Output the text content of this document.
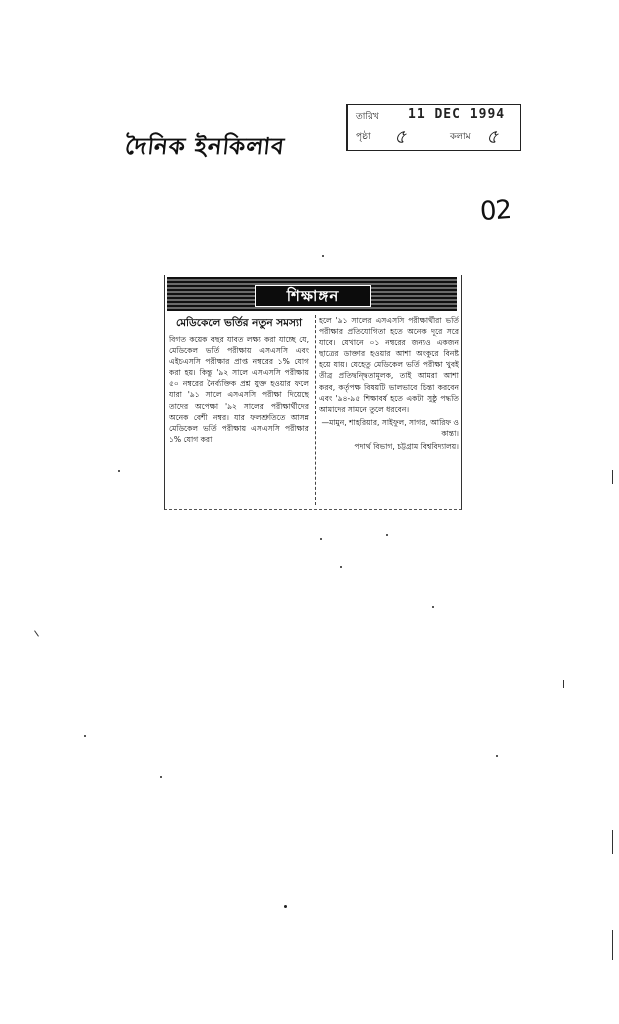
দৈনিক ইনকিলাব
তারিখ 11 DEC 1994
পৃষ্ঠা ৫	কলাম ৫
02
শিক্ষাঙ্গন
মেডিকেলে ভর্তির নতুন সমস্যা
বিগত কয়েক বছর যাবত লক্ষ্য করা যাচ্ছে যে, মেডিকেল ভর্তি পরীক্ষায় এসএসসি এবং এইচএসসি পরীক্ষার প্রাপ্ত নম্বরের ১% যোগ করা হয়। কিন্তু '৯২ সালে এসএসসি পরীক্ষায় ৫০ নম্বরের নৈর্ব্যক্তিক প্রশ্ন যুক্ত হওয়ার ফলে যারা '৯১ সালে এসএসসি পরীক্ষা দিয়েছে তাদের অপেক্ষা '৯২ সালের পরীক্ষার্থীদের অনেক বেশী নম্বর। যার ফলশ্রুতিতে আসন্ন মেডিকেল ভর্তি পরীক্ষায় এসএসসি পরীক্ষার ১% যোগ করা
হলে '৯১ সালের এসএসসি পরীক্ষার্থীরা ভর্তি পরীক্ষার প্রতিযোগিতা হতে অনেক দূরে সরে যাবে। যেখানে ০১ নম্বরের জন্যও একজন ছাত্রের ডাক্তার হওয়ার আশা অংকুরে বিনষ্ট হয়ে যায়। যেহেতু মেডিকেল ভর্তি পরীক্ষা খুবই তীব্র প্রতিদ্বন্দ্বিতামূলক, তাই আমরা আশা করব, কর্তৃপক্ষ বিষয়টি ভালভাবে চিন্তা করবেন এবং '৯৪-৯৫ শিক্ষাবর্ষ হতে একটা সুষ্ঠু পদ্ধতি আমাদের সামনে তুলে ধরবেন।
—মামুন, শাহরিয়ার, সাইফুল, সাগর, আরিফ ও কান্তা।
পদার্থ বিভাগ, চট্টগ্রাম বিশ্ববিদ্যালয়।
